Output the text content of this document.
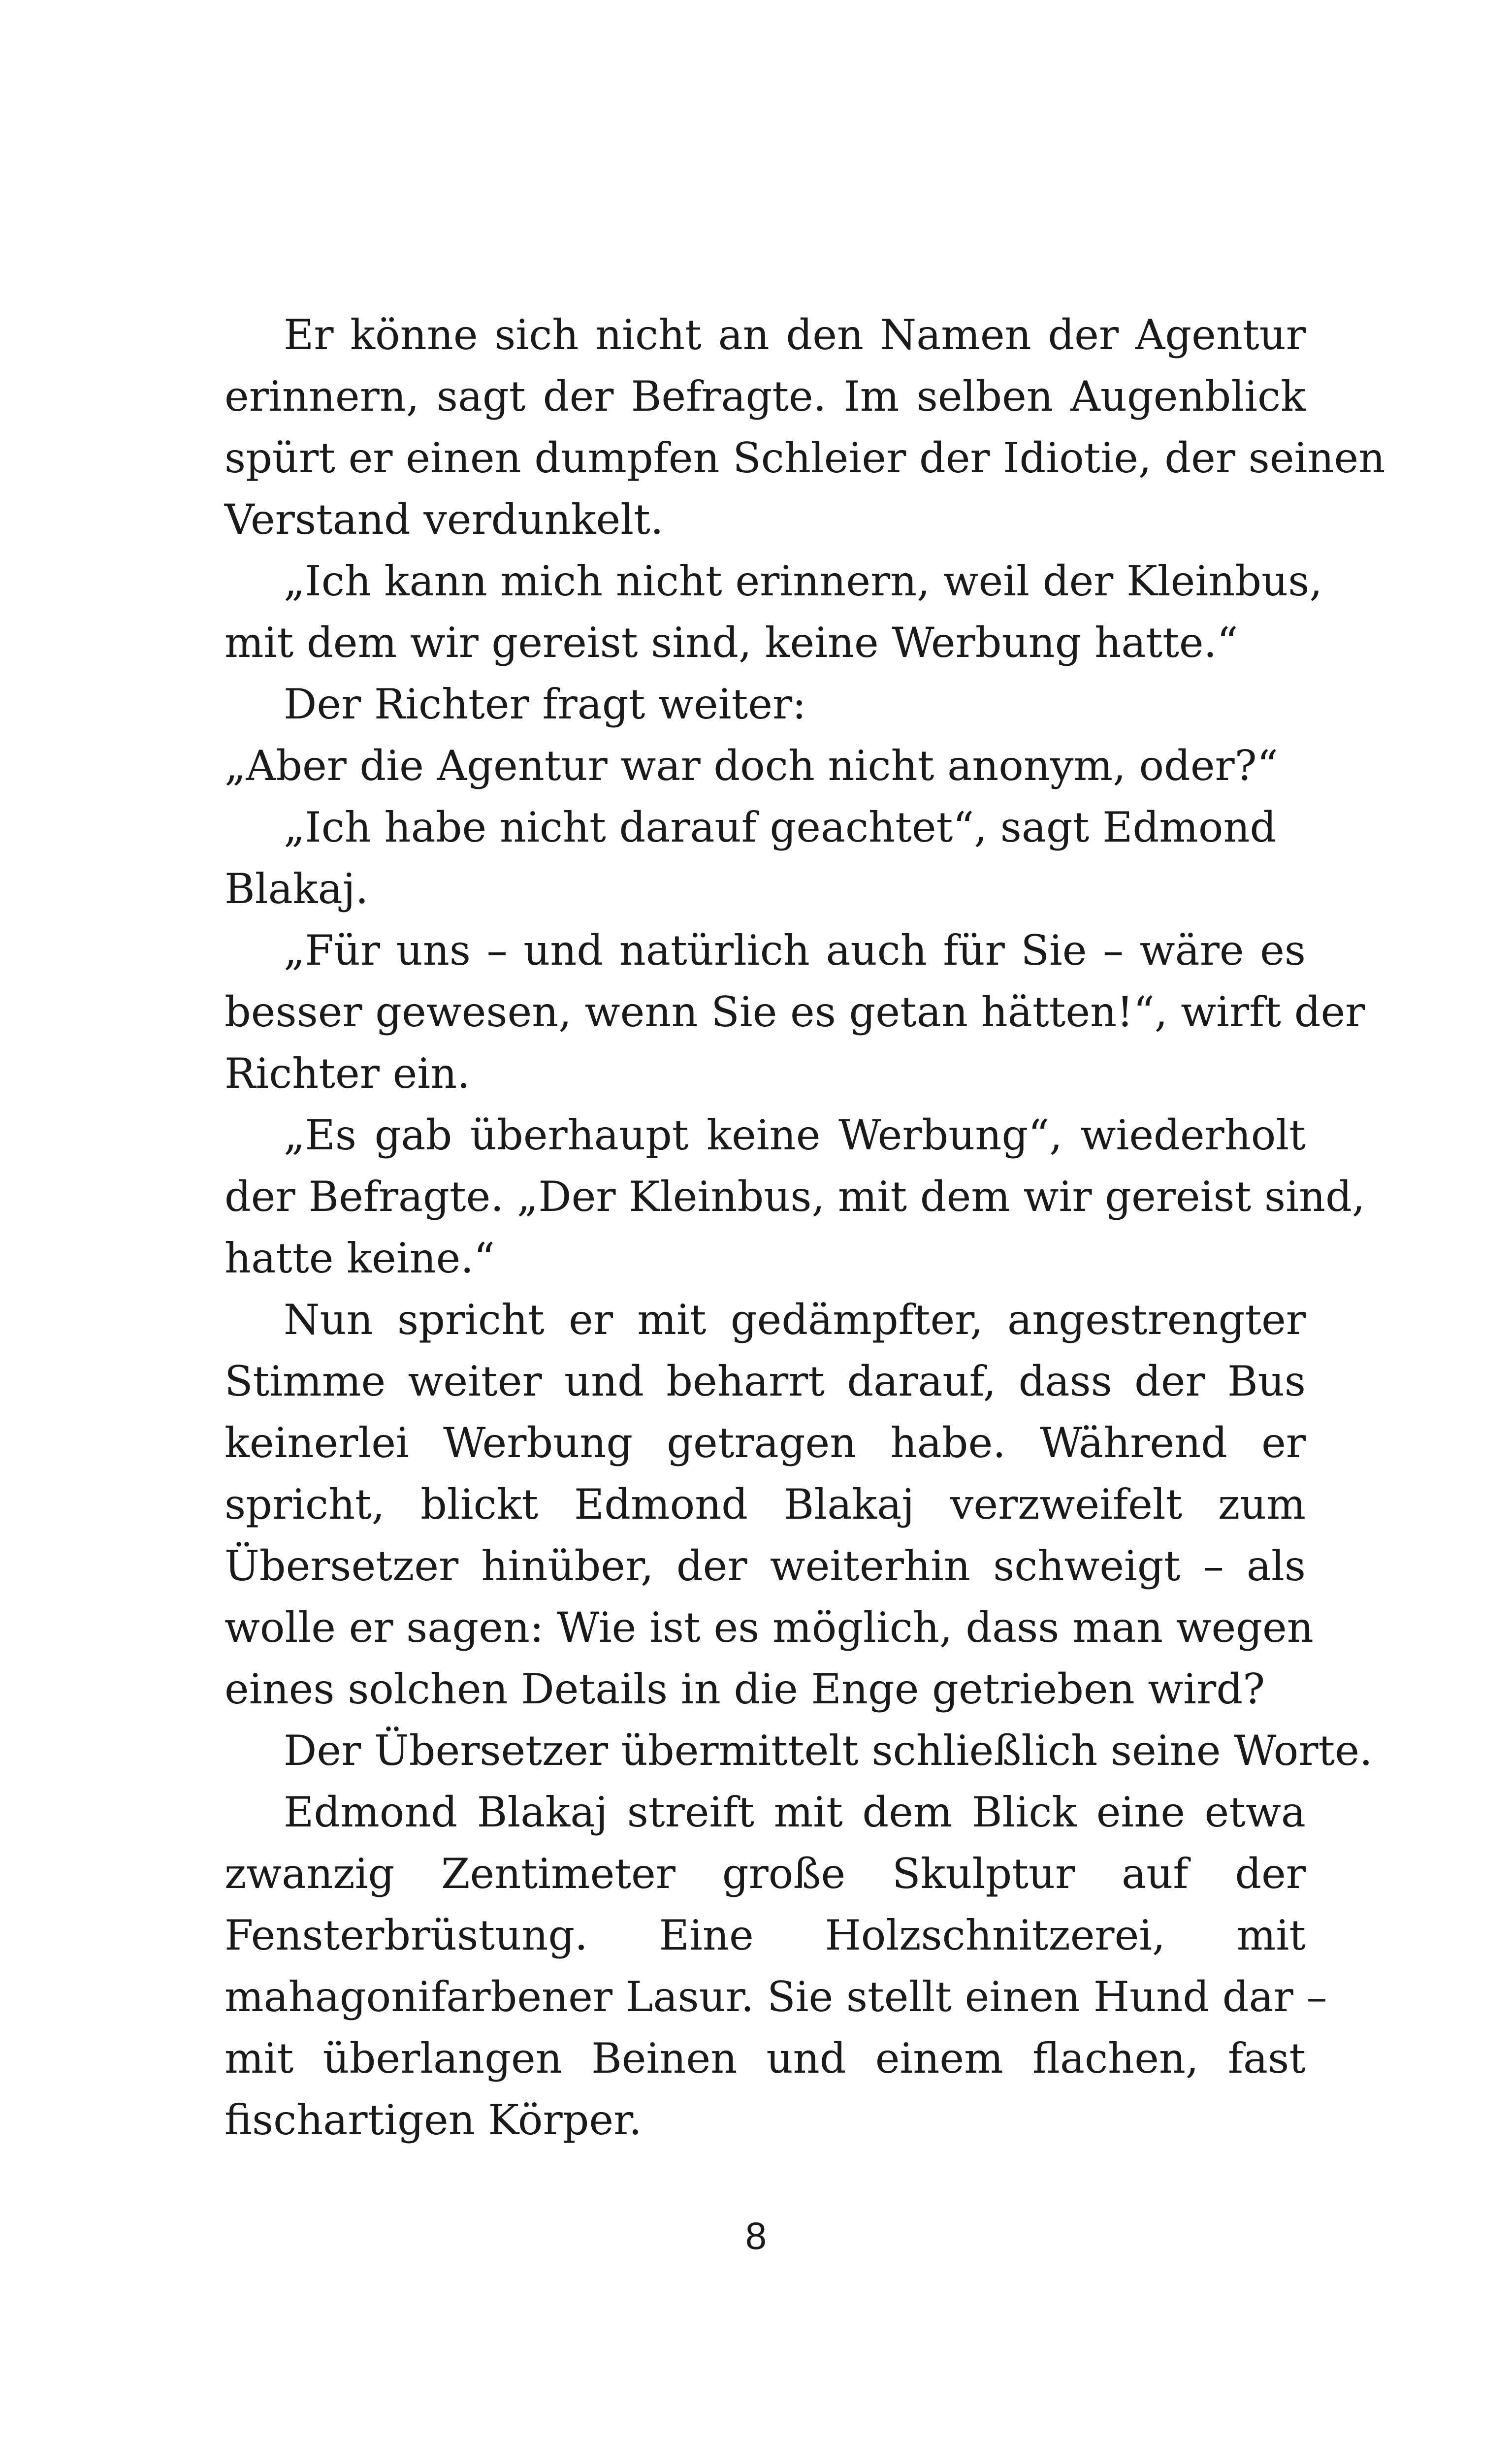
Er könne sich nicht an den Namen der Agentur
erinnern, sagt der Befragte. Im selben Augenblick
spürt er einen dumpfen Schleier der Idiotie, der seinen
Verstand verdunkelt.
„Ich kann mich nicht erinnern, weil der Kleinbus,
mit dem wir gereist sind, keine Werbung hatte.“
Der Richter fragt weiter:
„Aber die Agentur war doch nicht anonym, oder?“
„Ich habe nicht darauf geachtet“, sagt Edmond
Blakaj.
„Für uns – und natürlich auch für Sie – wäre es
besser gewesen, wenn Sie es getan hätten!“, wirft der
Richter ein.
„Es gab überhaupt keine Werbung“, wiederholt
der Befragte. „Der Kleinbus, mit dem wir gereist sind,
hatte keine.“
Nun spricht er mit gedämpfter, angestrengter
Stimme weiter und beharrt darauf, dass der Bus
keinerlei Werbung getragen habe. Während er
spricht, blickt Edmond Blakaj verzweifelt zum
Übersetzer hinüber, der weiterhin schweigt – als
wolle er sagen: Wie ist es möglich, dass man wegen
eines solchen Details in die Enge getrieben wird?
Der Übersetzer übermittelt schließlich seine Worte.
Edmond Blakaj streift mit dem Blick eine etwa
zwanzig Zentimeter große Skulptur auf der
Fensterbrüstung. Eine Holzschnitzerei, mit
mahagonifarbener Lasur. Sie stellt einen Hund dar –
mit überlangen Beinen und einem flachen, fast
fischartigen Körper.
8
